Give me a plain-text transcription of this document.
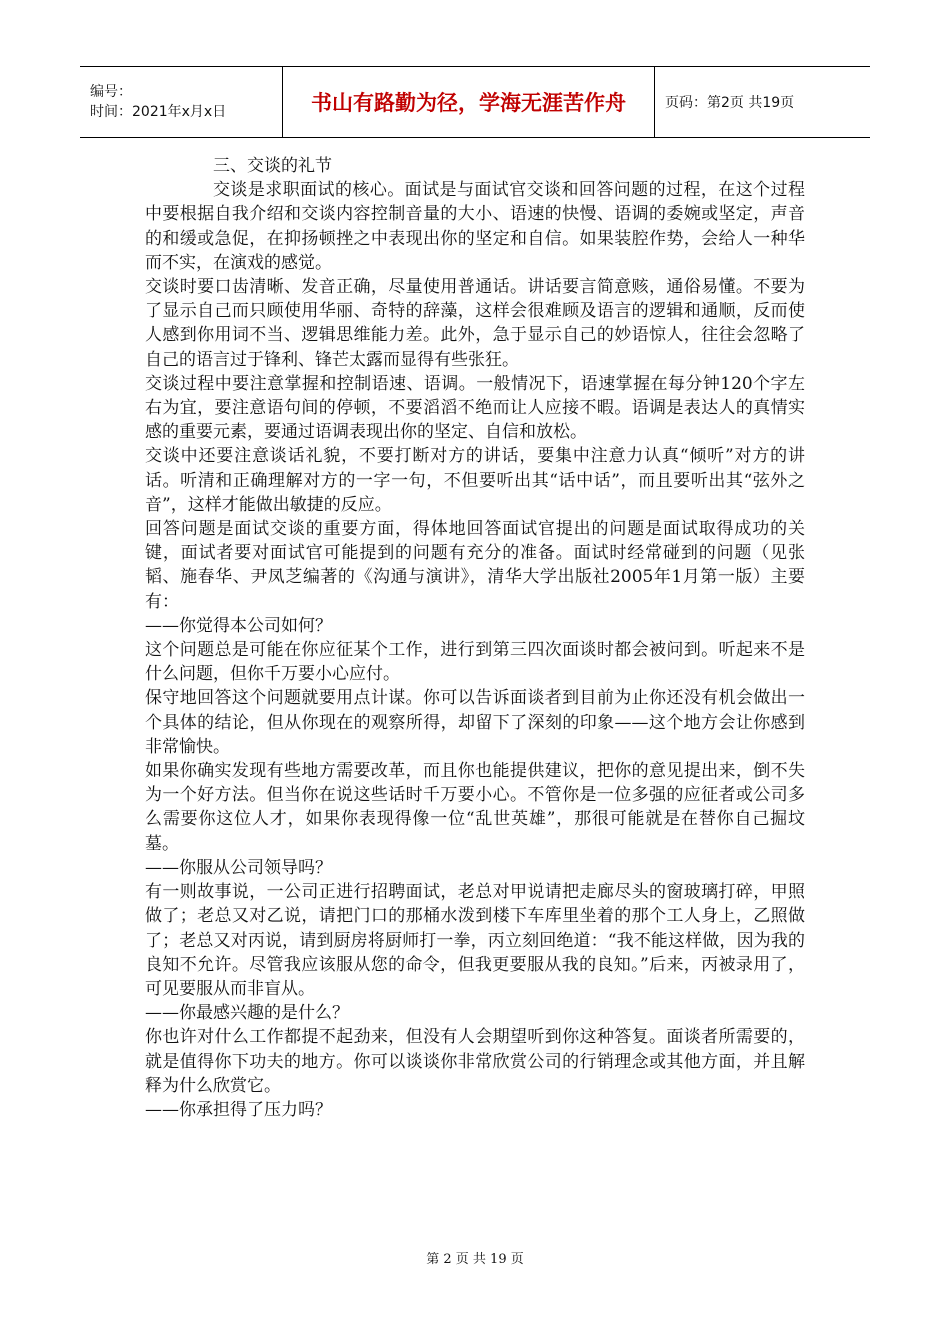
编号：
时间：2021年x月x日	书山有路勤为径，学海无涯苦作舟	页码：第2页 共19页

三、交谈的礼节

交谈是求职面试的核心。面试是与面试官交谈和回答问题的过程，在这个过程中要根据自我介绍和交谈内容控制音量的大小、语速的快慢、语调的委婉或坚定，声音的和缓或急促，在抑扬顿挫之中表现出你的坚定和自信。如果装腔作势，会给人一种华而不实，在演戏的感觉。

交谈时要口齿清晰、发音正确，尽量使用普通话。讲话要言简意赅，通俗易懂。不要为了显示自己而只顾使用华丽、奇特的辞藻，这样会很难顾及语言的逻辑和通顺，反而使人感到你用词不当、逻辑思维能力差。此外，急于显示自己的妙语惊人，往往会忽略了自己的语言过于锋利、锋芒太露而显得有些张狂。

交谈过程中要注意掌握和控制语速、语调。一般情况下，语速掌握在每分钟120个字左右为宜，要注意语句间的停顿，不要滔滔不绝而让人应接不暇。语调是表达人的真情实感的重要元素，要通过语调表现出你的坚定、自信和放松。

交谈中还要注意谈话礼貌，不要打断对方的讲话，要集中注意力认真“倾听”对方的讲话。听清和正确理解对方的一字一句，不但要听出其“话中话”，而且要听出其“弦外之音”，这样才能做出敏捷的反应。

回答问题是面试交谈的重要方面，得体地回答面试官提出的问题是面试取得成功的关键，面试者要对面试官可能提到的问题有充分的准备。面试时经常碰到的问题（见张韬、施春华、尹凤芝编著的《沟通与演讲》，清华大学出版社2005年1月第一版）主要有：

——你觉得本公司如何？

这个问题总是可能在你应征某个工作，进行到第三四次面谈时都会被问到。听起来不是什么问题，但你千万要小心应付。

保守地回答这个问题就要用点计谋。你可以告诉面谈者到目前为止你还没有机会做出一个具体的结论，但从你现在的观察所得，却留下了深刻的印象——这个地方会让你感到非常愉快。

如果你确实发现有些地方需要改革，而且你也能提供建议，把你的意见提出来，倒不失为一个好方法。但当你在说这些话时千万要小心。不管你是一位多强的应征者或公司多么需要你这位人才，如果你表现得像一位“乱世英雄”，那很可能就是在替你自己掘坟墓。

——你服从公司领导吗？

有一则故事说，一公司正进行招聘面试，老总对甲说请把走廊尽头的窗玻璃打碎，甲照做了；老总又对乙说，请把门口的那桶水泼到楼下车库里坐着的那个工人身上，乙照做了；老总又对丙说，请到厨房将厨师打一拳，丙立刻回绝道：“我不能这样做，因为我的良知不允许。尽管我应该服从您的命令，但我更要服从我的良知。”后来，丙被录用了，可见要服从而非盲从。

——你最感兴趣的是什么？

你也许对什么工作都提不起劲来，但没有人会期望听到你这种答复。面谈者所需要的，就是值得你下功夫的地方。你可以谈谈你非常欣赏公司的行销理念或其他方面，并且解释为什么欣赏它。

——你承担得了压力吗？

第 2 页 共 19 页
